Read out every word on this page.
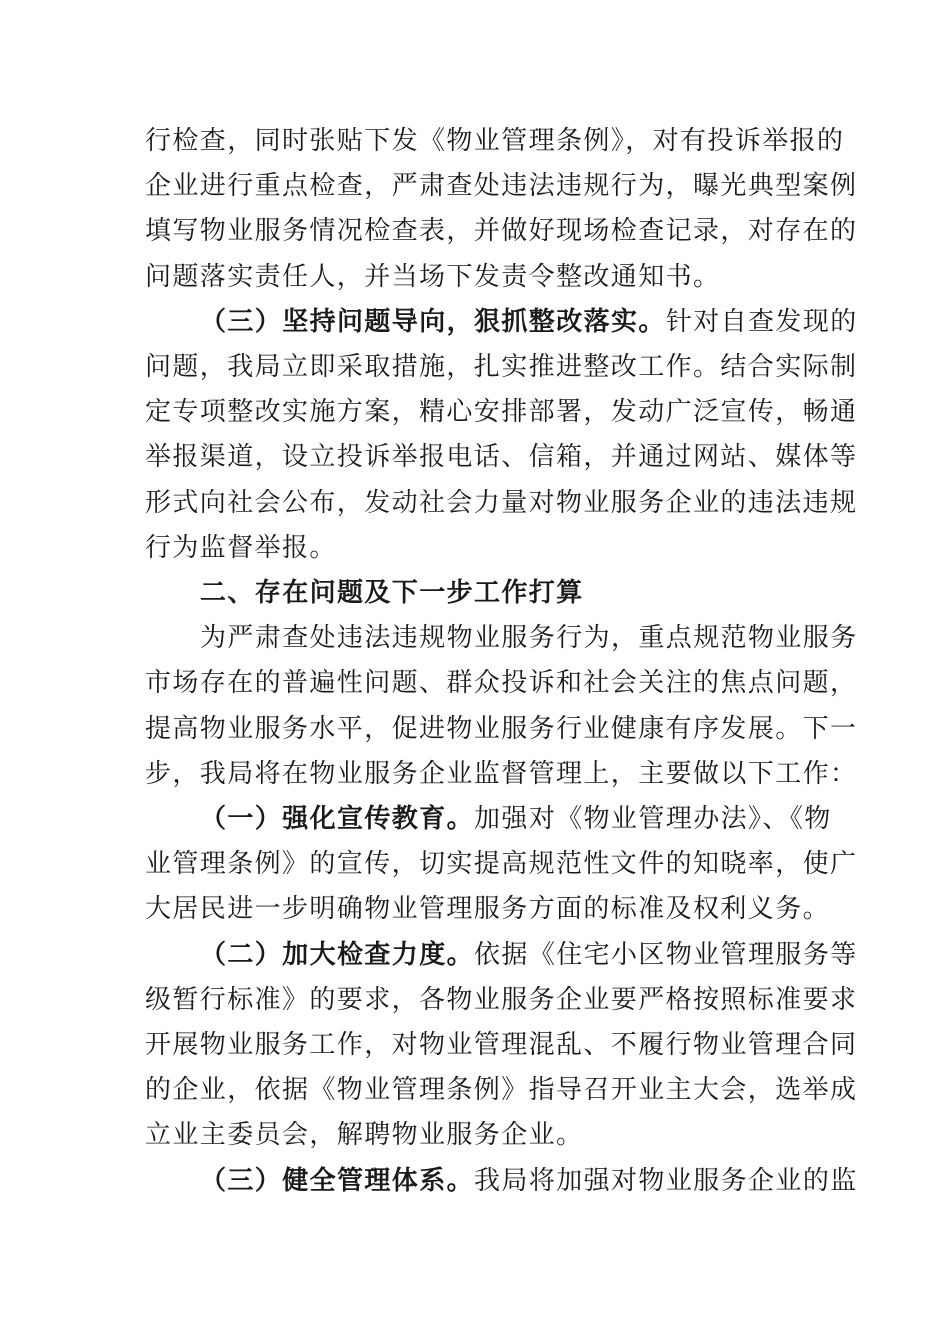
行检查，同时张贴下发《物业管理条例》，对有投诉举报的
企业进行重点检查，严肃查处违法违规行为，曝光典型案例
填写物业服务情况检查表，并做好现场检查记录，对存在的
问题落实责任人，并当场下发责令整改通知书。
（三）坚持问题导向，狠抓整改落实。针对自查发现的
问题，我局立即采取措施，扎实推进整改工作。结合实际制
定专项整改实施方案，精心安排部署，发动广泛宣传，畅通
举报渠道，设立投诉举报电话、信箱，并通过网站、媒体等
形式向社会公布，发动社会力量对物业服务企业的违法违规
行为监督举报。
二、存在问题及下一步工作打算
为严肃查处违法违规物业服务行为，重点规范物业服务
市场存在的普遍性问题、群众投诉和社会关注的焦点问题，
提高物业服务水平，促进物业服务行业健康有序发展。下一
步，我局将在物业服务企业监督管理上，主要做以下工作：
（一）强化宣传教育。加强对《物业管理办法》、《物
业管理条例》的宣传，切实提高规范性文件的知晓率，使广
大居民进一步明确物业管理服务方面的标准及权利义务。
（二）加大检查力度。依据《住宅小区物业管理服务等
级暂行标准》的要求，各物业服务企业要严格按照标准要求
开展物业服务工作，对物业管理混乱、不履行物业管理合同
的企业，依据《物业管理条例》指导召开业主大会，选举成
立业主委员会，解聘物业服务企业。
（三）健全管理体系。我局将加强对物业服务企业的监
